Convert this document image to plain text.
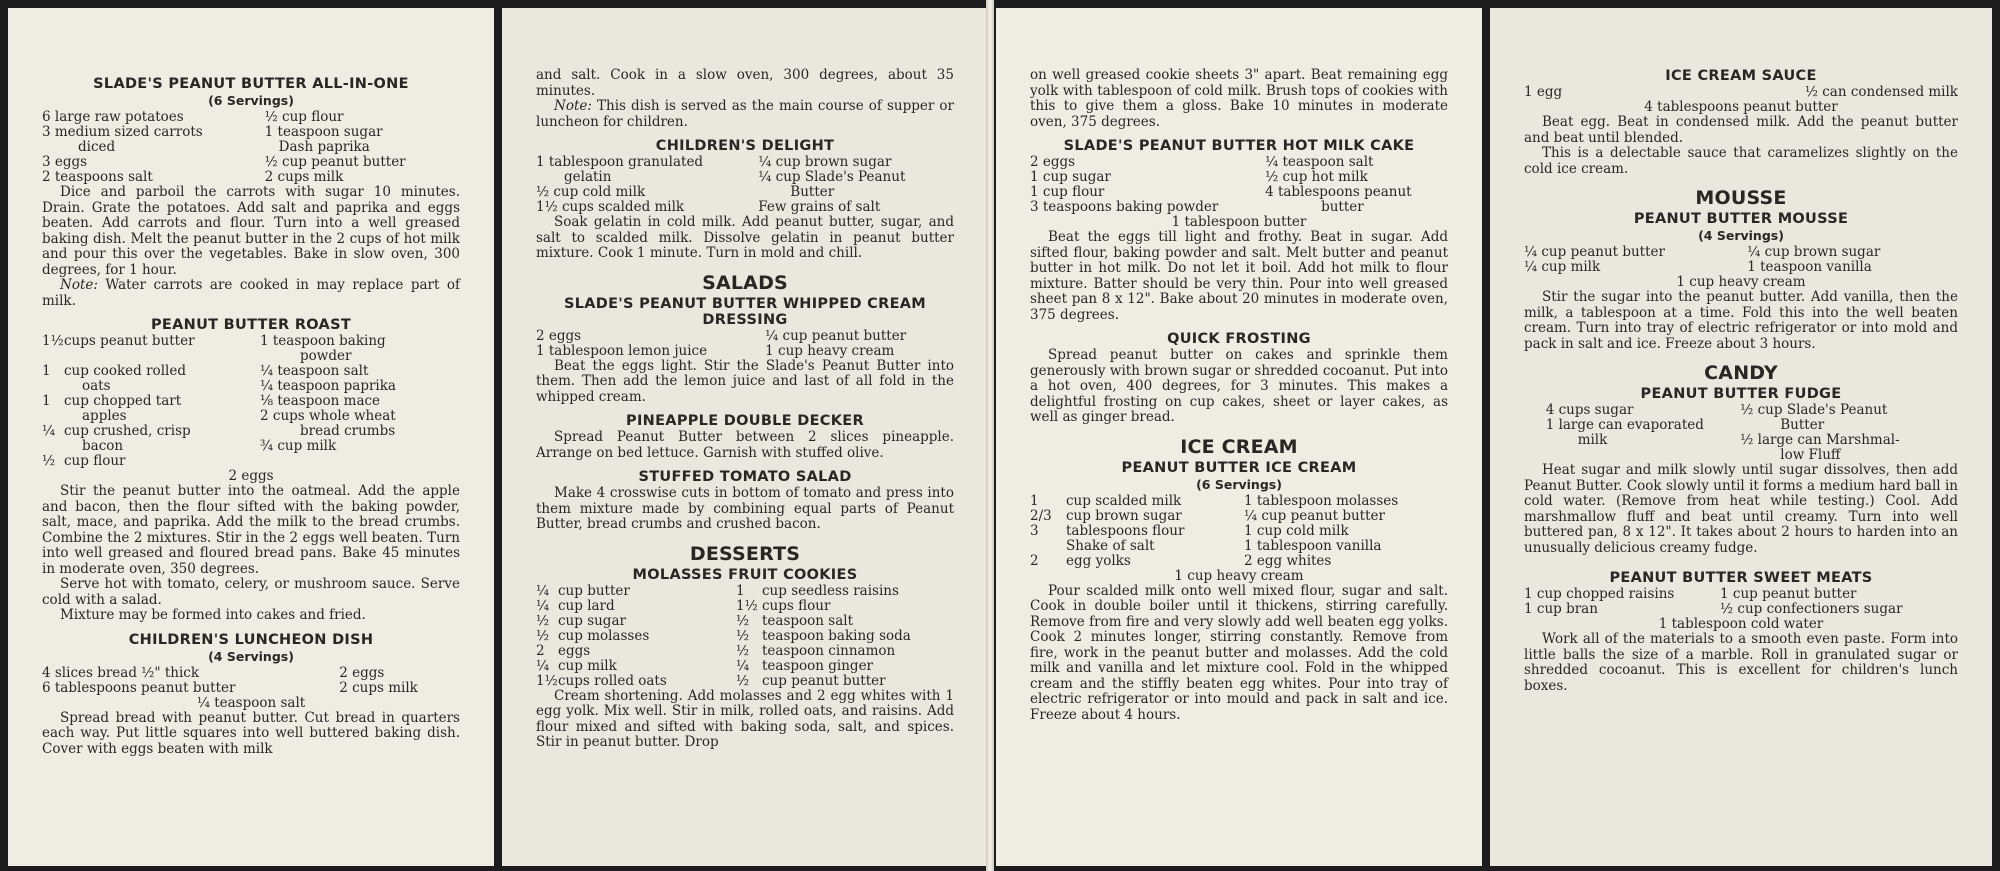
SLADE'S PEANUT BUTTER ALL-IN-ONE
(6 Servings)
6 large raw potatoes	½ cup flour
3 medium sized carrots	1 teaspoon sugar
diced	Dash paprika
3 eggs	½ cup peanut butter
2 teaspoons salt	2 cups milk

Dice and parboil the carrots with sugar 10 minutes. Drain. Grate the potatoes. Add salt and paprika and eggs beaten. Add carrots and flour. Turn into a well greased baking dish. Melt the peanut butter in the 2 cups of hot milk and pour this over the vegetables. Bake in slow oven, 300 degrees, for 1 hour.

Note: Water carrots are cooked in may replace part of milk.

PEANUT BUTTER ROAST
1½	cups peanut butter	1 teaspoon baking
		powder
1	cup cooked rolled	¼ teaspoon salt
	oats	¼ teaspoon paprika
1	cup chopped tart	⅛ teaspoon mace
	apples	2 cups whole wheat
¼	cup crushed, crisp	bread crumbs
	bacon	¾ cup milk
½	cup flour	
2 eggs

Stir the peanut butter into the oatmeal. Add the apple and bacon, then the flour sifted with the baking powder, salt, mace, and paprika. Add the milk to the bread crumbs. Combine the 2 mixtures. Stir in the 2 eggs well beaten. Turn into well greased and floured bread pans. Bake 45 minutes in moderate oven, 350 degrees.

Serve hot with tomato, celery, or mushroom sauce. Serve cold with a salad.

Mixture may be formed into cakes and fried.

CHILDREN'S LUNCHEON DISH
(4 Servings)
4 slices bread ½" thick	2 eggs
6 tablespoons peanut butter	2 cups milk
¼ teaspoon salt

Spread bread with peanut butter. Cut bread in quarters each way. Put little squares into well buttered baking dish. Cover with eggs beaten with milk

and salt. Cook in a slow oven, 300 degrees, about 35 minutes.

Note: This dish is served as the main course of supper or luncheon for children.

CHILDREN'S DELIGHT
1 tablespoon granulated	¼ cup brown sugar
gelatin	¼ cup Slade's Peanut
½ cup cold milk	Butter
1½ cups scalded milk	Few grains of salt

Soak gelatin in cold milk. Add peanut butter, sugar, and salt to scalded milk. Dissolve gelatin in peanut butter mixture. Cook 1 minute. Turn in mold and chill.

SALADS
SLADE'S PEANUT BUTTER WHIPPED CREAM DRESSING
2 eggs	¼ cup peanut butter
1 tablespoon lemon juice	1 cup heavy cream

Beat the eggs light. Stir the Slade's Peanut Butter into them. Then add the lemon juice and last of all fold in the whipped cream.

PINEAPPLE DOUBLE DECKER

Spread Peanut Butter between 2 slices pineapple. Arrange on bed lettuce. Garnish with stuffed olive.

STUFFED TOMATO SALAD

Make 4 crosswise cuts in bottom of tomato and press into them mixture made by combining equal parts of Peanut Butter, bread crumbs and crushed bacon.

DESSERTS
MOLASSES FRUIT COOKIES
¼	cup butter	1	cup seedless raisins
¼	cup lard	1½	cups flour
½	cup sugar	½	teaspoon salt
½	cup molasses	½	teaspoon baking soda
2	eggs	½	teaspoon cinnamon
¼	cup milk	¼	teaspoon ginger
1½	cups rolled oats	½	cup peanut butter

Cream shortening. Add molasses and 2 egg whites with 1 egg yolk. Mix well. Stir in milk, rolled oats, and raisins. Add flour mixed and sifted with baking soda, salt, and spices. Stir in peanut butter. Drop

on well greased cookie sheets 3" apart. Beat remaining egg yolk with tablespoon of cold milk. Brush tops of cookies with this to give them a gloss. Bake 10 minutes in moderate oven, 375 degrees.

SLADE'S PEANUT BUTTER HOT MILK CAKE
2 eggs	¼ teaspoon salt
1 cup sugar	½ cup hot milk
1 cup flour	4 tablespoons peanut
3 teaspoons baking powder	butter
1 tablespoon butter

Beat the eggs till light and frothy. Beat in sugar. Add sifted flour, baking powder and salt. Melt butter and peanut butter in hot milk. Do not let it boil. Add hot milk to flour mixture. Batter should be very thin. Pour into well greased sheet pan 8 x 12". Bake about 20 minutes in moderate oven, 375 degrees.

QUICK FROSTING

Spread peanut butter on cakes and sprinkle them generously with brown sugar or shredded cocoanut. Put into a hot oven, 400 degrees, for 3 minutes. This makes a delightful frosting on cup cakes, sheet or layer cakes, as well as ginger bread.

ICE CREAM
PEANUT BUTTER ICE CREAM
(6 Servings)
1	cup scalded milk	1 tablespoon molasses
2/3	cup brown sugar	¼ cup peanut butter
3	tablespoons flour	1 cup cold milk
	Shake of salt	1 tablespoon vanilla
2	egg yolks	2 egg whites
1 cup heavy cream

Pour scalded milk onto well mixed flour, sugar and salt. Cook in double boiler until it thickens, stirring carefully. Remove from fire and very slowly add well beaten egg yolks. Cook 2 minutes longer, stirring constantly. Remove from fire, work in the peanut butter and molasses. Add the cold milk and vanilla and let mixture cool. Fold in the whipped cream and the stiffly beaten egg whites. Pour into tray of electric refrigerator or into mould and pack in salt and ice. Freeze about 4 hours.

ICE CREAM SAUCE
1 egg	½ can condensed milk
4 tablespoons peanut butter

Beat egg. Beat in condensed milk. Add the peanut butter and beat until blended.

This is a delectable sauce that caramelizes slightly on the cold ice cream.

MOUSSE
PEANUT BUTTER MOUSSE
(4 Servings)
¼ cup peanut butter	¼ cup brown sugar
¼ cup milk	1 teaspoon vanilla
1 cup heavy cream

Stir the sugar into the peanut butter. Add vanilla, then the milk, a tablespoon at a time. Fold this into the well beaten cream. Turn into tray of electric refrigerator or into mold and pack in salt and ice. Freeze about 3 hours.

CANDY
PEANUT BUTTER FUDGE
4 cups sugar	½ cup Slade's Peanut
1 large can evaporated	Butter
milk	½ large can Marshmal-
	low Fluff

Heat sugar and milk slowly until sugar dissolves, then add Peanut Butter. Cook slowly until it forms a medium hard ball in cold water. (Remove from heat while testing.) Cool. Add marshmallow fluff and beat until creamy. Turn into well buttered pan, 8 x 12". It takes about 2 hours to harden into an unusually delicious creamy fudge.

PEANUT BUTTER SWEET MEATS
1 cup chopped raisins	1 cup peanut butter
1 cup bran	½ cup confectioners sugar
1 tablespoon cold water

Work all of the materials to a smooth even paste. Form into little balls the size of a marble. Roll in granulated sugar or shredded cocoanut. This is excellent for children's lunch boxes.
